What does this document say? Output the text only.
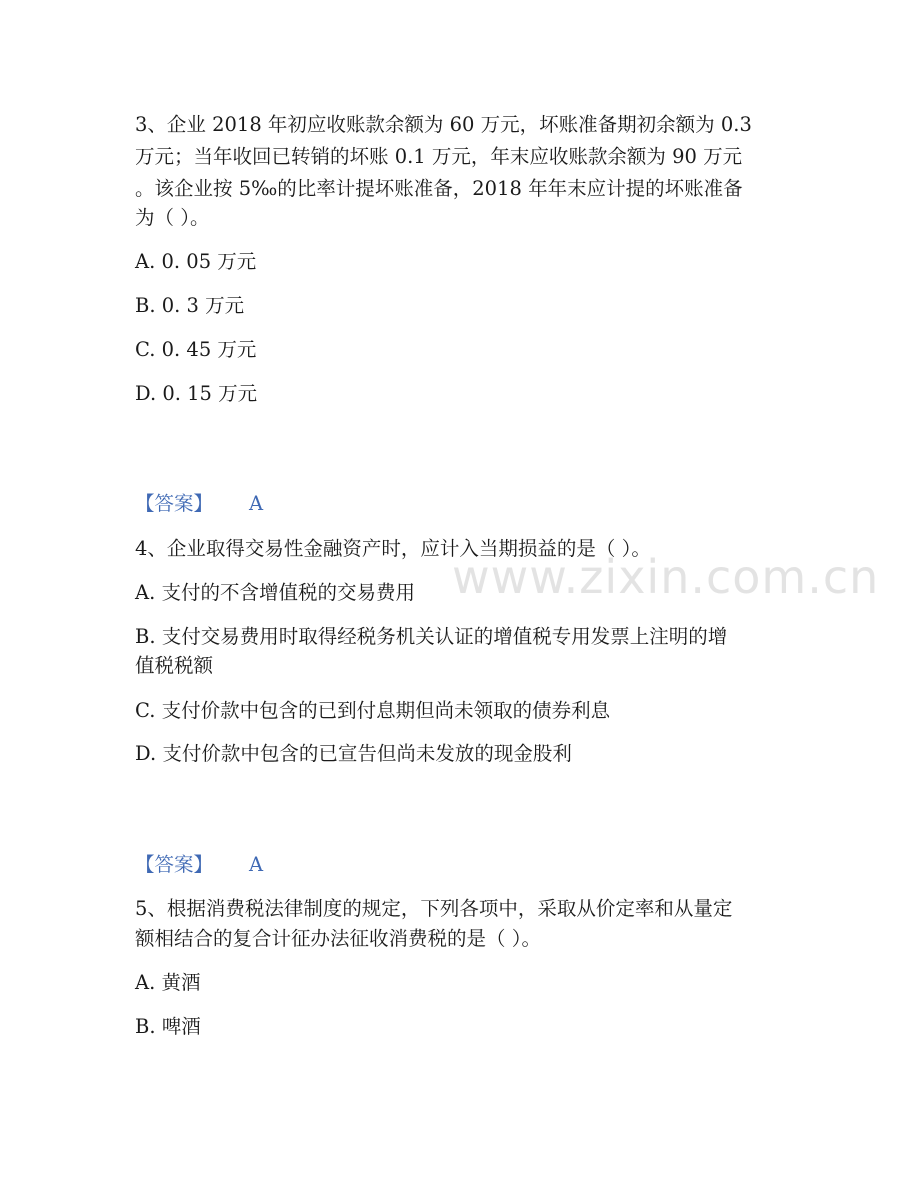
www.zixin.com.cn
3、企业 2018 年初应收账款余额为 60 万元，坏账准备期初余额为 0.3
万元；当年收回已转销的坏账 0.1 万元，年末应收账款余额为 90 万元
。该企业按 5‰的比率计提坏账准备，2018 年年末应计提的坏账准备
为（ ）。
A. 0. 05 万元
B. 0. 3 万元
C. 0. 45 万元
D. 0. 15 万元
【答案】 A
4、企业取得交易性金融资产时，应计入当期损益的是（ ）。
A. 支付的不含增值税的交易费用
B. 支付交易费用时取得经税务机关认证的增值税专用发票上注明的增
值税税额
C. 支付价款中包含的已到付息期但尚未领取的债券利息
D. 支付价款中包含的已宣告但尚未发放的现金股利
【答案】 A
5、根据消费税法律制度的规定，下列各项中，采取从价定率和从量定
额相结合的复合计征办法征收消费税的是（ ）。
A. 黄酒
B. 啤酒
